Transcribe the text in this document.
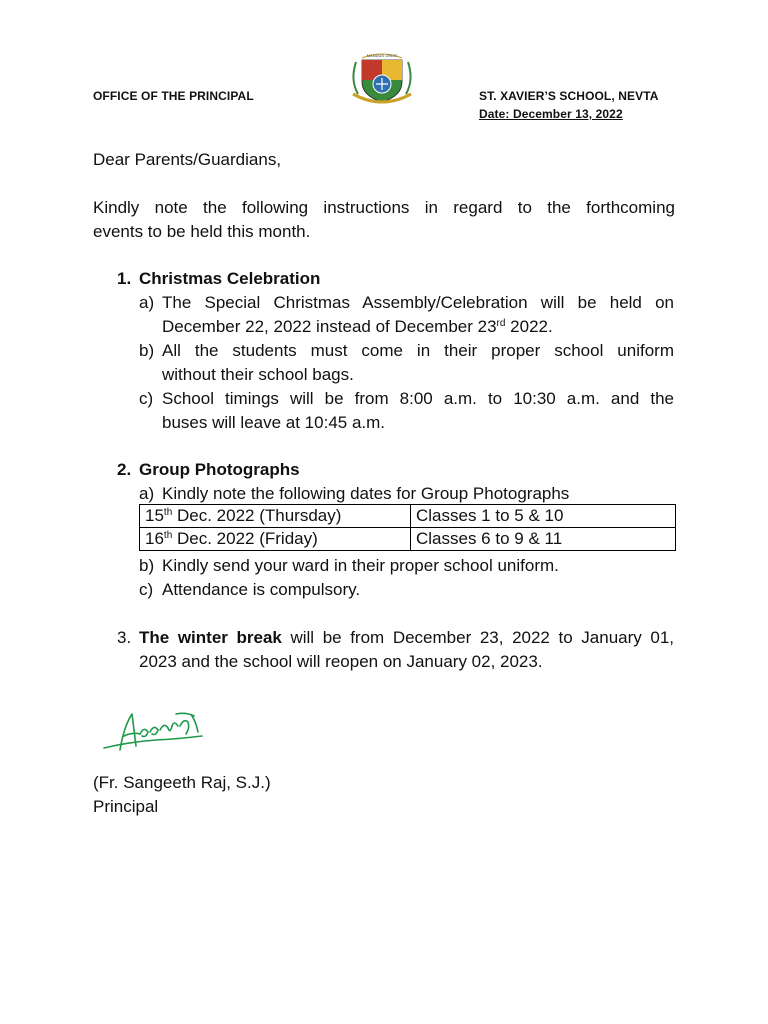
OFFICE OF THE PRINCIPAL
MANDUS ORDO
ST. XAVIER’S SCHOOL, NEVTA
Date: December 13, 2022
Dear Parents/Guardians,
Kindly note the following instructions in regard to the forthcoming
events to be held this month.
1. Christmas Celebration
a) The Special Christmas Assembly/Celebration will be held on
December 22, 2022 instead of December 23rd 2022.
b) All the students must come in their proper school uniform
without their school bags.
c) School timings will be from 8:00 a.m. to 10:30 a.m. and the
buses will leave at 10:45 a.m.
2. Group Photographs
a) Kindly note the following dates for Group Photographs
15th Dec. 2022 (Thursday)	Classes 1 to 5 & 10
16th Dec. 2022 (Friday)	Classes 6 to 9 & 11
b) Kindly send your ward in their proper school uniform.
c) Attendance is compulsory.
3. The winter break will be from December 23, 2022 to January 01,
2023 and the school will reopen on January 02, 2023.
(Fr. Sangeeth Raj, S.J.)
Principal
